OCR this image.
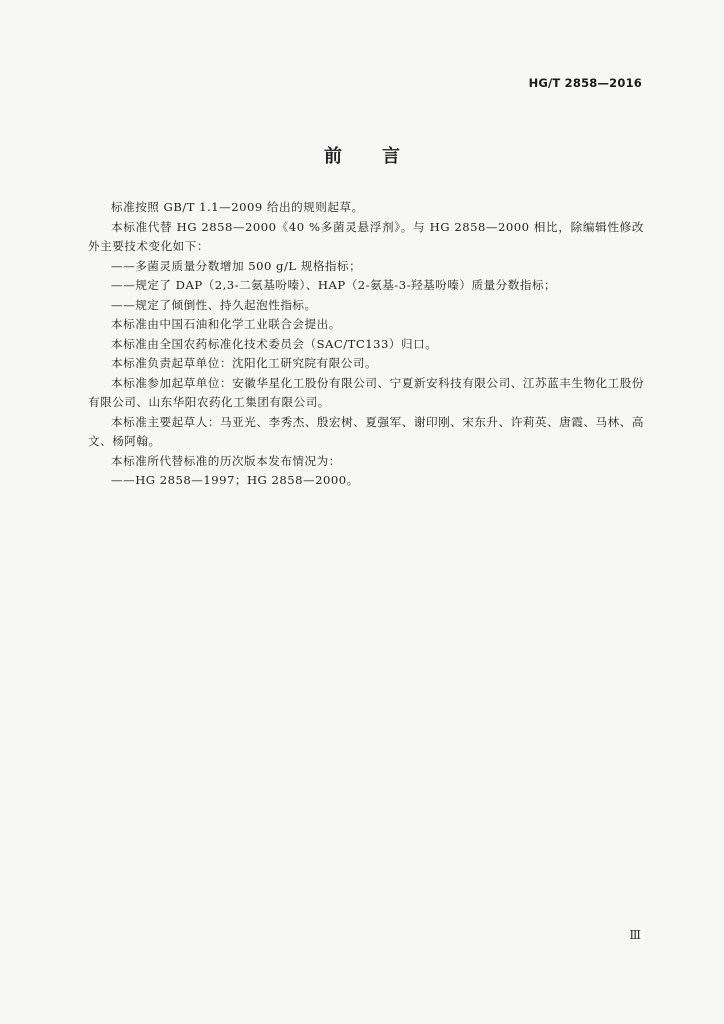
HG/T 2858—2016
前 言

标准按照 GB/T 1.1—2009 给出的规则起草。

本标准代替 HG 2858—2000《40 %多菌灵悬浮剂》。与 HG 2858—2000 相比，除编辑性修改外主要技术变化如下：

——多菌灵质量分数增加 500 g/L 规格指标；

——规定了 DAP（2,3-二氨基吩嗪）、HAP（2-氨基-3-羟基吩嗪）质量分数指标；

——规定了倾倒性、持久起泡性指标。

本标准由中国石油和化学工业联合会提出。

本标准由全国农药标准化技术委员会（SAC/TC133）归口。

本标准负责起草单位：沈阳化工研究院有限公司。

本标准参加起草单位：安徽华星化工股份有限公司、宁夏新安科技有限公司、江苏蓝丰生物化工股份有限公司、山东华阳农药化工集团有限公司。

本标准主要起草人：马亚光、李秀杰、殷宏树、夏强军、谢印刚、宋东升、许莉英、唐霞、马林、高文、杨阿翰。

本标准所代替标准的历次版本发布情况为：

——HG 2858—1997；HG 2858—2000。

Ⅲ
